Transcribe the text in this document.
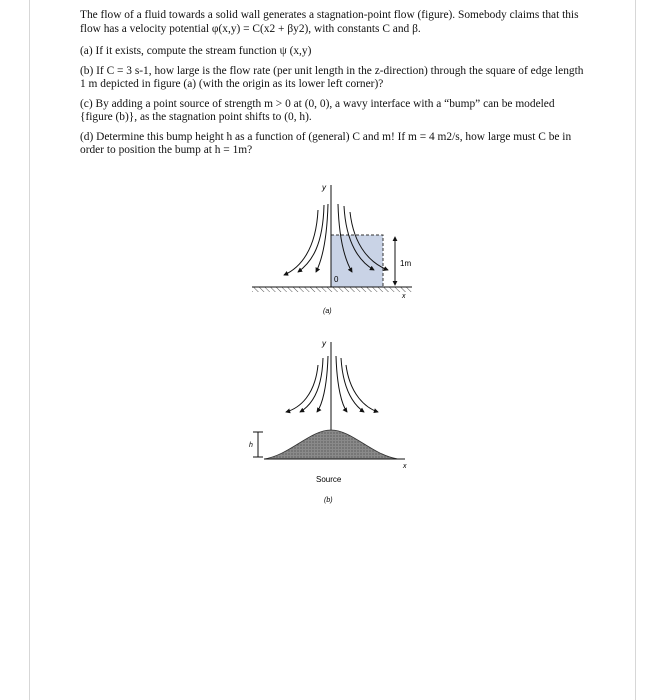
The flow of a fluid towards a solid wall generates a stagnation-point flow (figure). Somebody claims that this flow has a velocity potential φ(x,y) = C(x2 + βy2), with constants C and β.

(a) If it exists, compute the stream function ψ (x,y)

(b) If C = 3 s-1, how large is the flow rate (per unit length in the z-direction) through the square of edge length 1 m depicted in figure (a) (with the origin as its lower left corner)?

(c) By adding a point source of strength m > 0 at (0, 0), a wavy interface with a “bump” can be modeled {figure (b)}, as the stagnation point shifts to (0, h).

(d) Determine this bump height h as a function of (general) C and m! If m = 4 m2/s, how large must C be in order to position the bump at h = 1m?

y
0
1m
x
(a)
y
h
x
Source
(b)
